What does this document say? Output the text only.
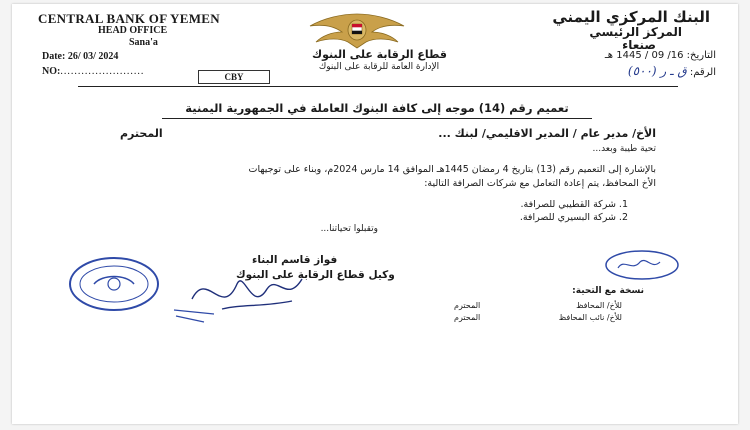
CENTRAL BANK OF YEMEN
HEAD OFFICE
Sana'a
Date: 26/ 03/ 2024
NO:........................
قطاع الرقابة على البنوك
الإدارة العامة للرقابة على البنوك
CBY
البنك المركزي اليمني
المركز الرئيسي
صنعاء
التاريخ: 16/ 09 / 1445 هـ
الرقم: ق ـ ر (٥٠٠)
تعميم رقم (14) موجه إلى كافة البنوك العاملة في الجمهورية اليمنية
الأخ/ مدير عام / المدير الاقليمي/ لبنك ...
المحترم
تحية طيبة وبعد...
بالإشارة إلى التعميم رقم (13) بتاريخ 4 رمضان 1445هـ الموافق 14 مارس 2024م، وبناء على توجيهات
الأخ المحافظ، يتم إعادة التعامل مع شركات الصرافة التالية:
1. شركة القطيبي للصرافة.
2. شركة البسيري للصرافة.
وتقبلوا تحياتنا...
فواز قاسم البناء
وكيل قطاع الرقابة على البنوك
نسخة مع التحية:
للأخ/ المحافظ
المحترم
للأخ/ نائب المحافظ
المحترم
